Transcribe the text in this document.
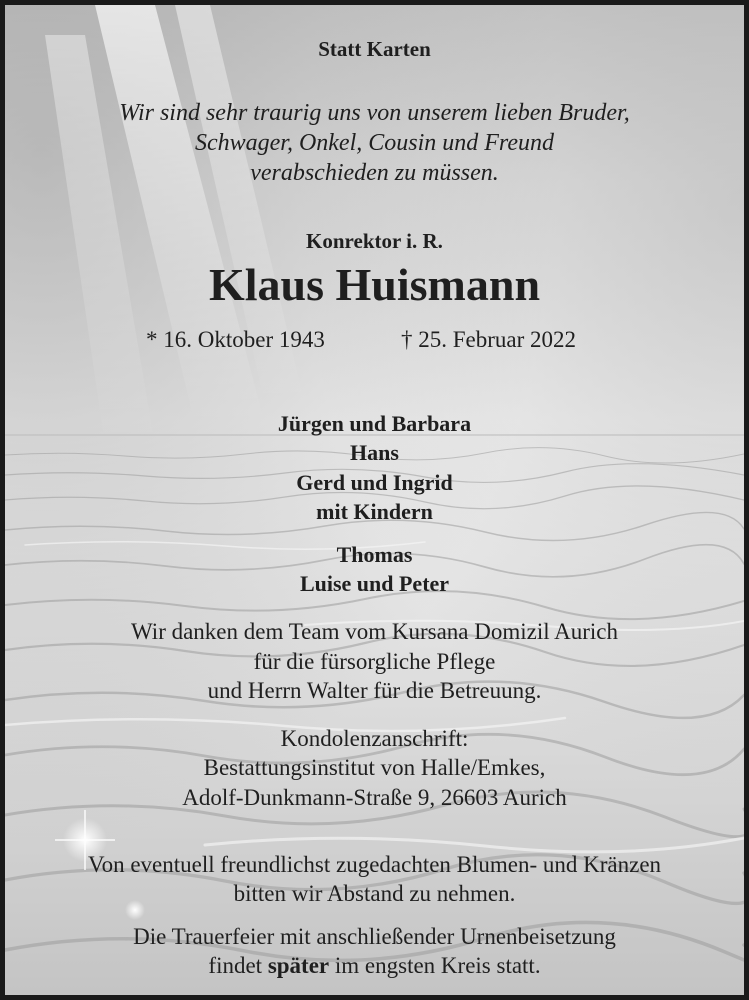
Statt Karten
Wir sind sehr traurig uns von unserem lieben Bruder,
Schwager, Onkel, Cousin und Freund
verabschieden zu müssen.
Konrektor i. R.
Klaus Huismann
* 16. Oktober 1943	† 25. Februar 2022
Jürgen und Barbara
Hans
Gerd und Ingrid
mit Kindern
Thomas
Luise und Peter
Wir danken dem Team vom Kursana Domizil Aurich
für die fürsorgliche Pflege
und Herrn Walter für die Betreuung.
Kondolenzanschrift:
Bestattungsinstitut von Halle/Emkes,
Adolf-Dunkmann-Straße 9, 26603 Aurich
Von eventuell freundlichst zugedachten Blumen- und Kränzen
bitten wir Abstand zu nehmen.
Die Trauerfeier mit anschließender Urnenbeisetzung
findet später im engsten Kreis statt.
